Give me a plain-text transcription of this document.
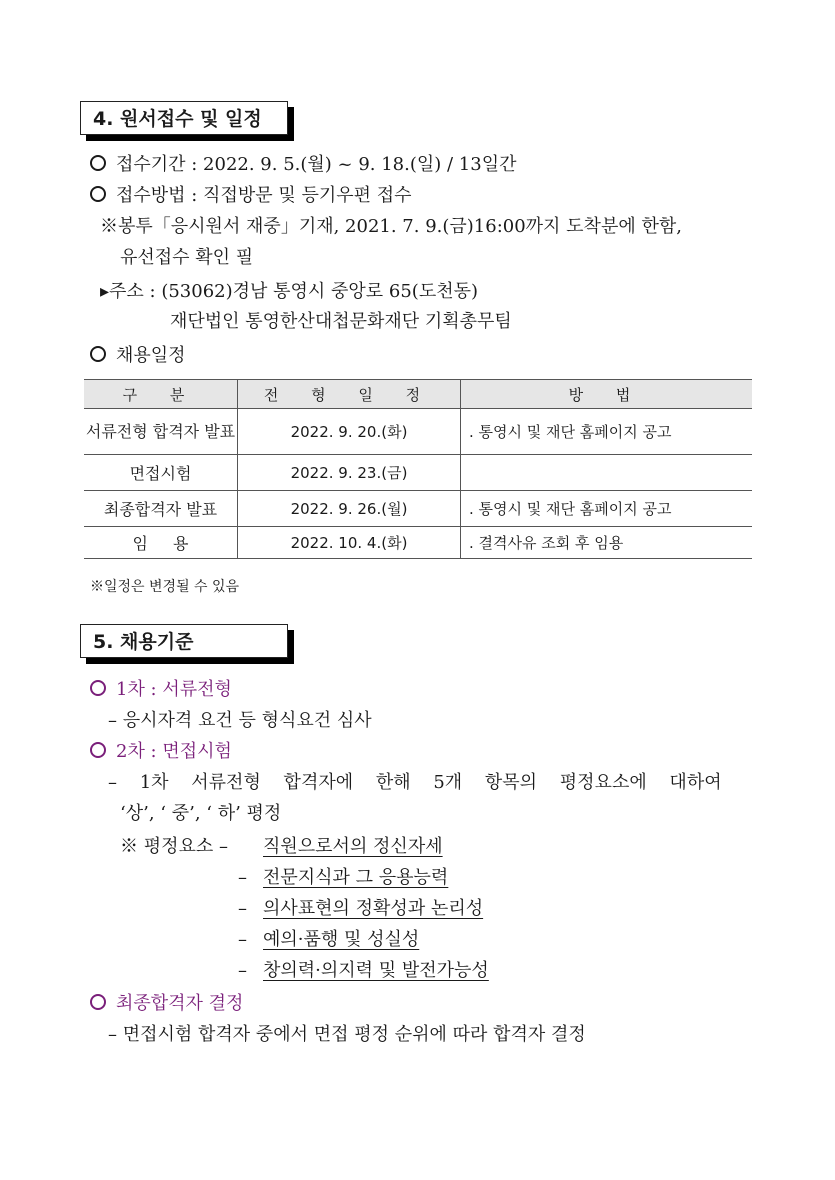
4. 원서접수 및 일정
접수기간 : 2022. 9. 5.(월) ~ 9. 18.(일) / 13일간
접수방법 : 직접방문 및 등기우편 접수
※봉투「응시원서 재중」기재, 2021. 7. 9.(금)16:00까지 도착분에 한함,
유선접수 확인 필
▸주소 : (53062)경남 통영시 중앙로 65(도천동)
재단법인 통영한산대첩문화재단 기획총무팀
채용일정
구 분	전 형 일 정	방 법
서류전형 합격자 발표	2022. 9. 20.(화)	. 통영시 및 재단 홈페이지 공고
면접시험	2022. 9. 23.(금)	
최종합격자 발표	2022. 9. 26.(월)	. 통영시 및 재단 홈페이지 공고
임 용	2022. 10. 4.(화)	. 결격사유 조회 후 임용
※일정은 변경될 수 있음
5. 채용기준
1차 : 서류전형
– 응시자격 요건 등 형식요건 심사
2차 : 면접시험
– 1차 서류전형 합격자에 한해 5개 항목의 평정요소에 대하여
‘상’, ‘ 중’, ‘ 하’ 평정
※ 평정요소 – 직원으로서의 정신자세
– 전문지식과 그 응용능력
– 의사표현의 정확성과 논리성
– 예의·품행 및 성실성
– 창의력·의지력 및 발전가능성
최종합격자 결정
– 면접시험 합격자 중에서 면접 평정 순위에 따라 합격자 결정
